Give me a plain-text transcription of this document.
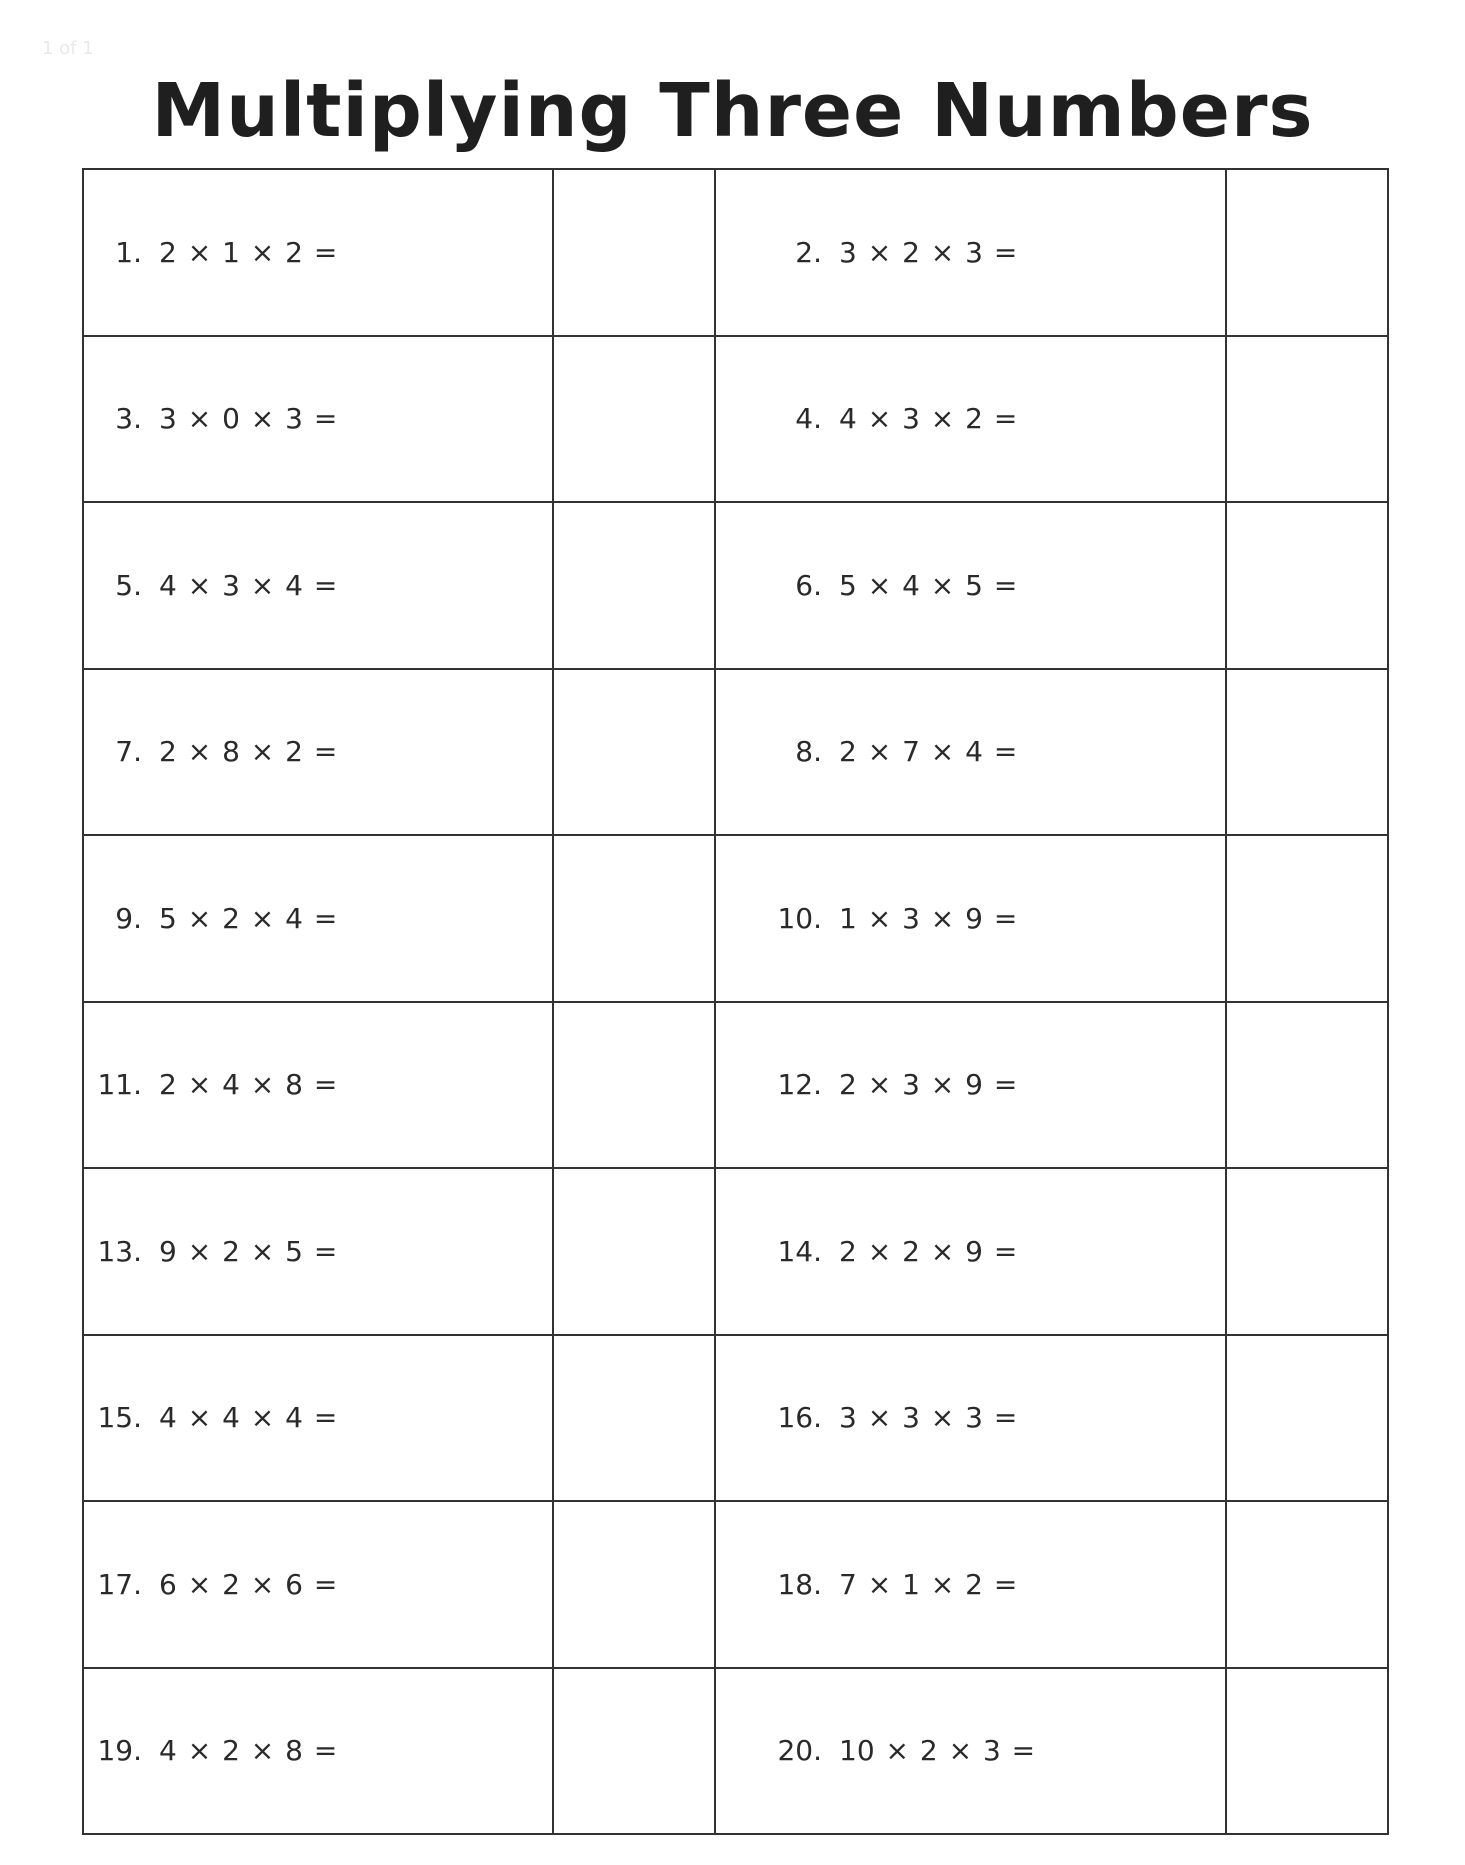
1 of 1
Multiplying Three Numbers
1. 2 × 1 × 2 =		2. 3 × 2 × 3 =	

3. 3 × 0 × 3 =		4. 4 × 3 × 2 =	

5. 4 × 3 × 4 =		6. 5 × 4 × 5 =	

7. 2 × 8 × 2 =		8. 2 × 7 × 4 =	

9. 5 × 2 × 4 =		10. 1 × 3 × 9 =	

11. 2 × 4 × 8 =		12. 2 × 3 × 9 =	

13. 9 × 2 × 5 =		14. 2 × 2 × 9 =	

15. 4 × 4 × 4 =		16. 3 × 3 × 3 =	

17. 6 × 2 × 6 =		18. 7 × 1 × 2 =	

19. 4 × 2 × 8 =		20. 10 × 2 × 3 =	
